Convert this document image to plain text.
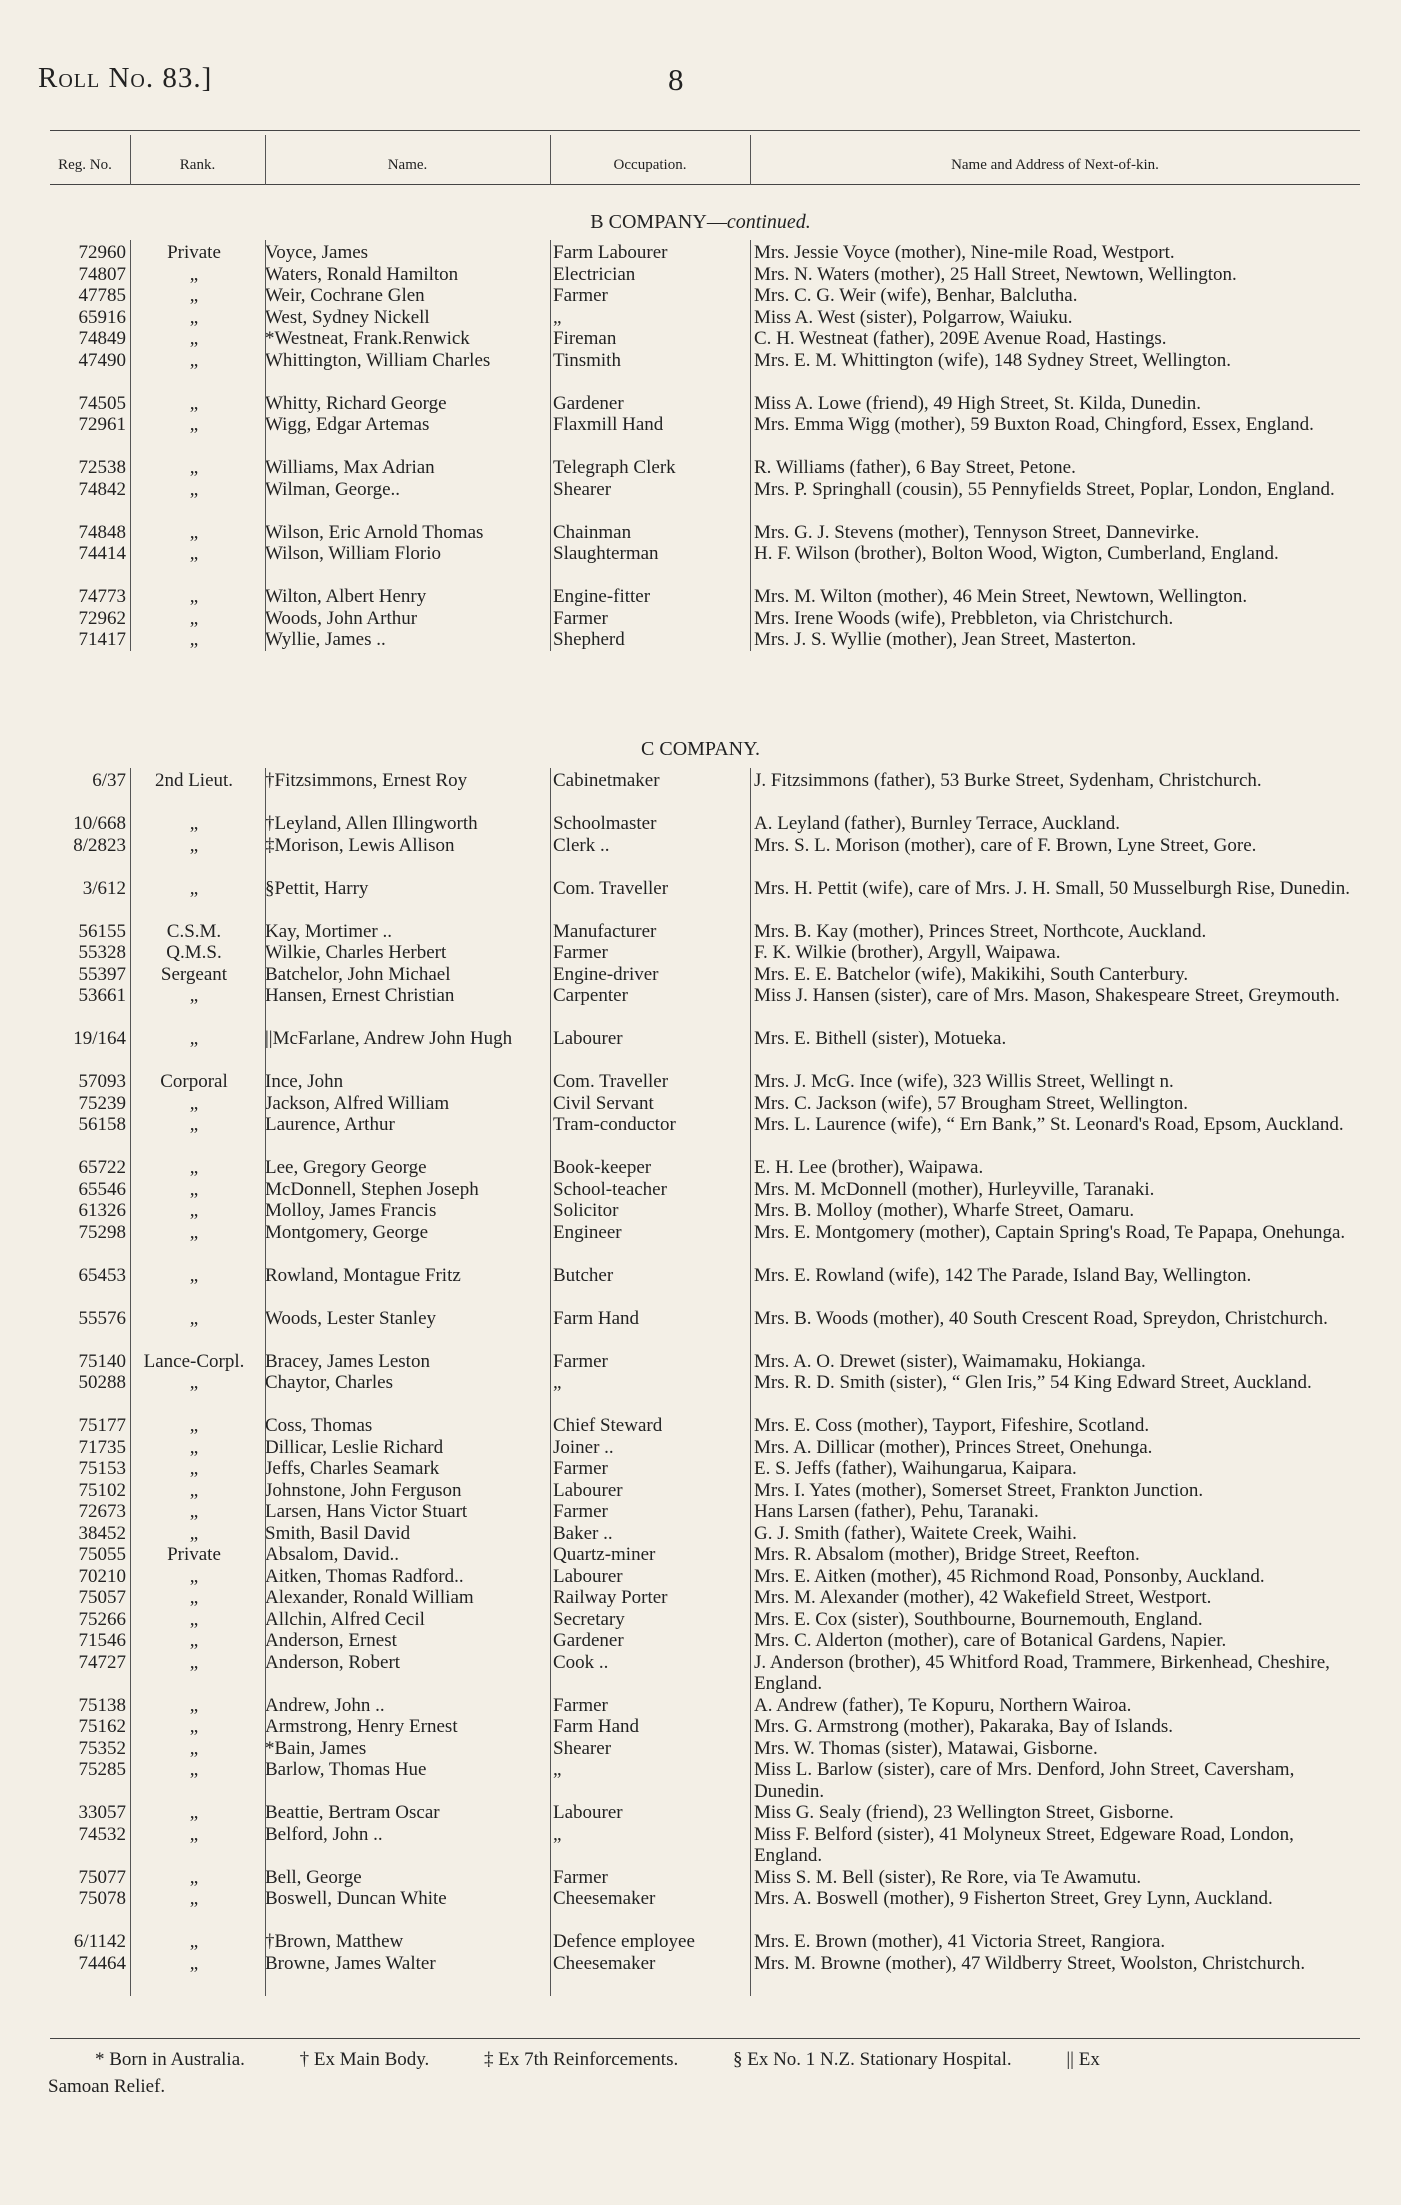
Roll No. 83.]	8
Reg. No.	Rank.	Name.	Occupation.	Name and Address of Next-of-kin.
B COMPANY—continued.
C COMPANY.
72960	Private	Voyce, James	Farm Labourer	Mrs. Jessie Voyce (mother), Nine-mile Road, Westport.
74807	„	Waters, Ronald Hamilton	Electrician	Mrs. N. Waters (mother), 25 Hall Street, Newtown, Wellington.
47785	„	Weir, Cochrane Glen	Farmer	Mrs. C. G. Weir (wife), Benhar, Balclutha.
65916	„	West, Sydney Nickell	„	Miss A. West (sister), Polgarrow, Waiuku.
74849	„	*Westneat, Frank.Renwick	Fireman	C. H. Westneat (father), 209E Avenue Road, Hastings.
47490	„	Whittington, William Charles	Tinsmith	Mrs. E. M. Whittington (wife), 148 Sydney Street, Wellington.
74505	„	Whitty, Richard George	Gardener	Miss A. Lowe (friend), 49 High Street, St. Kilda, Dunedin.
72961	„	Wigg, Edgar Artemas	Flaxmill Hand	Mrs. Emma Wigg (mother), 59 Buxton Road, Chingford, Essex, England.
72538	„	Williams, Max Adrian	Telegraph Clerk	R. Williams (father), 6 Bay Street, Petone.
74842	„	Wilman, George..	Shearer	Mrs. P. Springhall (cousin), 55 Pennyfields Street, Poplar, London, England.
74848	„	Wilson, Eric Arnold Thomas	Chainman	Mrs. G. J. Stevens (mother), Tennyson Street, Dannevirke.
74414	„	Wilson, William Florio	Slaughterman	H. F. Wilson (brother), Bolton Wood, Wigton, Cumberland, England.
74773	„	Wilton, Albert Henry	Engine-fitter	Mrs. M. Wilton (mother), 46 Mein Street, Newtown, Wellington.
72962	„	Woods, John Arthur	Farmer	Mrs. Irene Woods (wife), Prebbleton, via Christchurch.
71417	„	Wyllie, James ..	Shepherd	Mrs. J. S. Wyllie (mother), Jean Street, Masterton.
6/37	2nd Lieut.	†Fitzsimmons, Ernest Roy	Cabinetmaker	J. Fitzsimmons (father), 53 Burke Street, Sydenham, Christchurch.
10/668	„	†Leyland, Allen Illingworth	Schoolmaster	A. Leyland (father), Burnley Terrace, Auckland.
8/2823	„	‡Morison, Lewis Allison	Clerk ..	Mrs. S. L. Morison (mother), care of F. Brown, Lyne Street, Gore.
3/612	„	§Pettit, Harry	Com. Traveller	Mrs. H. Pettit (wife), care of Mrs. J. H. Small, 50 Musselburgh Rise, Dunedin.
56155	C.S.M.	Kay, Mortimer ..	Manufacturer	Mrs. B. Kay (mother), Princes Street, Northcote, Auckland.
55328	Q.M.S.	Wilkie, Charles Herbert	Farmer	F. K. Wilkie (brother), Argyll, Waipawa.
55397	Sergeant	Batchelor, John Michael	Engine-driver	Mrs. E. E. Batchelor (wife), Makikihi, South Canterbury.
53661	„	Hansen, Ernest Christian	Carpenter	Miss J. Hansen (sister), care of Mrs. Mason, Shakespeare Street, Greymouth.
19/164	„	||McFarlane, Andrew John Hugh	Labourer	Mrs. E. Bithell (sister), Motueka.
57093	Corporal	Ince, John	Com. Traveller	Mrs. J. McG. Ince (wife), 323 Willis Street, Wellingt n.
75239	„	Jackson, Alfred William	Civil Servant	Mrs. C. Jackson (wife), 57 Brougham Street, Wellington.
56158	„	Laurence, Arthur	Tram-conductor	Mrs. L. Laurence (wife), “ Ern Bank,” St. Leonard's Road, Epsom, Auckland.
65722	„	Lee, Gregory George	Book-keeper	E. H. Lee (brother), Waipawa.
65546	„	McDonnell, Stephen Joseph	School-teacher	Mrs. M. McDonnell (mother), Hurleyville, Taranaki.
61326	„	Molloy, James Francis	Solicitor	Mrs. B. Molloy (mother), Wharfe Street, Oamaru.
75298	„	Montgomery, George	Engineer	Mrs. E. Montgomery (mother), Captain Spring's Road, Te Papapa, Onehunga.
65453	„	Rowland, Montague Fritz	Butcher	Mrs. E. Rowland (wife), 142 The Parade, Island Bay, Wellington.
55576	„	Woods, Lester Stanley	Farm Hand	Mrs. B. Woods (mother), 40 South Crescent Road, Spreydon, Christchurch.
75140 Lance-Corpl.	Bracey, James Leston	Farmer	Mrs. A. O. Drewet (sister), Waimamaku, Hokianga.
50288	„	Chaytor, Charles	„	Mrs. R. D. Smith (sister), “ Glen Iris,” 54 King Edward Street, Auckland.
75177	„	Coss, Thomas	Chief Steward	Mrs. E. Coss (mother), Tayport, Fifeshire, Scotland.
71735	„	Dillicar, Leslie Richard	Joiner ..	Mrs. A. Dillicar (mother), Princes Street, Onehunga.
75153	„	Jeffs, Charles Seamark	Farmer	E. S. Jeffs (father), Waihungarua, Kaipara.
75102	„	Johnstone, John Ferguson	Labourer	Mrs. I. Yates (mother), Somerset Street, Frankton Junction.
72673	„	Larsen, Hans Victor Stuart	Farmer	Hans Larsen (father), Pehu, Taranaki.
38452	„	Smith, Basil David	Baker ..	G. J. Smith (father), Waitete Creek, Waihi.
75055	Private	Absalom, David..	Quartz-miner	Mrs. R. Absalom (mother), Bridge Street, Reefton.
70210	„	Aitken, Thomas Radford..	Labourer	Mrs. E. Aitken (mother), 45 Richmond Road, Ponsonby, Auckland.
75057	„	Alexander, Ronald William	Railway Porter	Mrs. M. Alexander (mother), 42 Wakefield Street, Westport.
75266	„	Allchin, Alfred Cecil	Secretary	Mrs. E. Cox (sister), Southbourne, Bournemouth, England.
71546	„	Anderson, Ernest	Gardener	Mrs. C. Alderton (mother), care of Botanical Gardens, Napier.
74727	„	Anderson, Robert	Cook ..	J. Anderson (brother), 45 Whitford Road, Trammere, Birkenhead, Cheshire, England.
75138	„	Andrew, John ..	Farmer	A. Andrew (father), Te Kopuru, Northern Wairoa.
75162	„	Armstrong, Henry Ernest	Farm Hand	Mrs. G. Armstrong (mother), Pakaraka, Bay of Islands.
75352	„	*Bain, James	Shearer	Mrs. W. Thomas (sister), Matawai, Gisborne.
75285	„	Barlow, Thomas Hue	„	Miss L. Barlow (sister), care of Mrs. Denford, John Street, Caversham, Dunedin.
33057	„	Beattie, Bertram Oscar	Labourer	Miss G. Sealy (friend), 23 Wellington Street, Gisborne.
74532	„	Belford, John ..	„	Miss F. Belford (sister), 41 Molyneux Street, Edgeware Road, London, England.
75077	„	Bell, George	Farmer	Miss S. M. Bell (sister), Re Rore, via Te Awamutu.
75078	„	Boswell, Duncan White	Cheesemaker	Mrs. A. Boswell (mother), 9 Fisherton Street, Grey Lynn, Auckland.
6/1142	„	†Brown, Matthew	Defence employee	Mrs. E. Brown (mother), 41 Victoria Street, Rangiora.
74464	„	Browne, James Walter	Cheesemaker	Mrs. M. Browne (mother), 47 Wildberry Street, Woolston, Christchurch.
* Born in Australia.	† Ex Main Body.	‡ Ex 7th Reinforcements.	§ Ex No. 1 N.Z. Stationary Hospital.	|| Ex
Samoan Relief.
